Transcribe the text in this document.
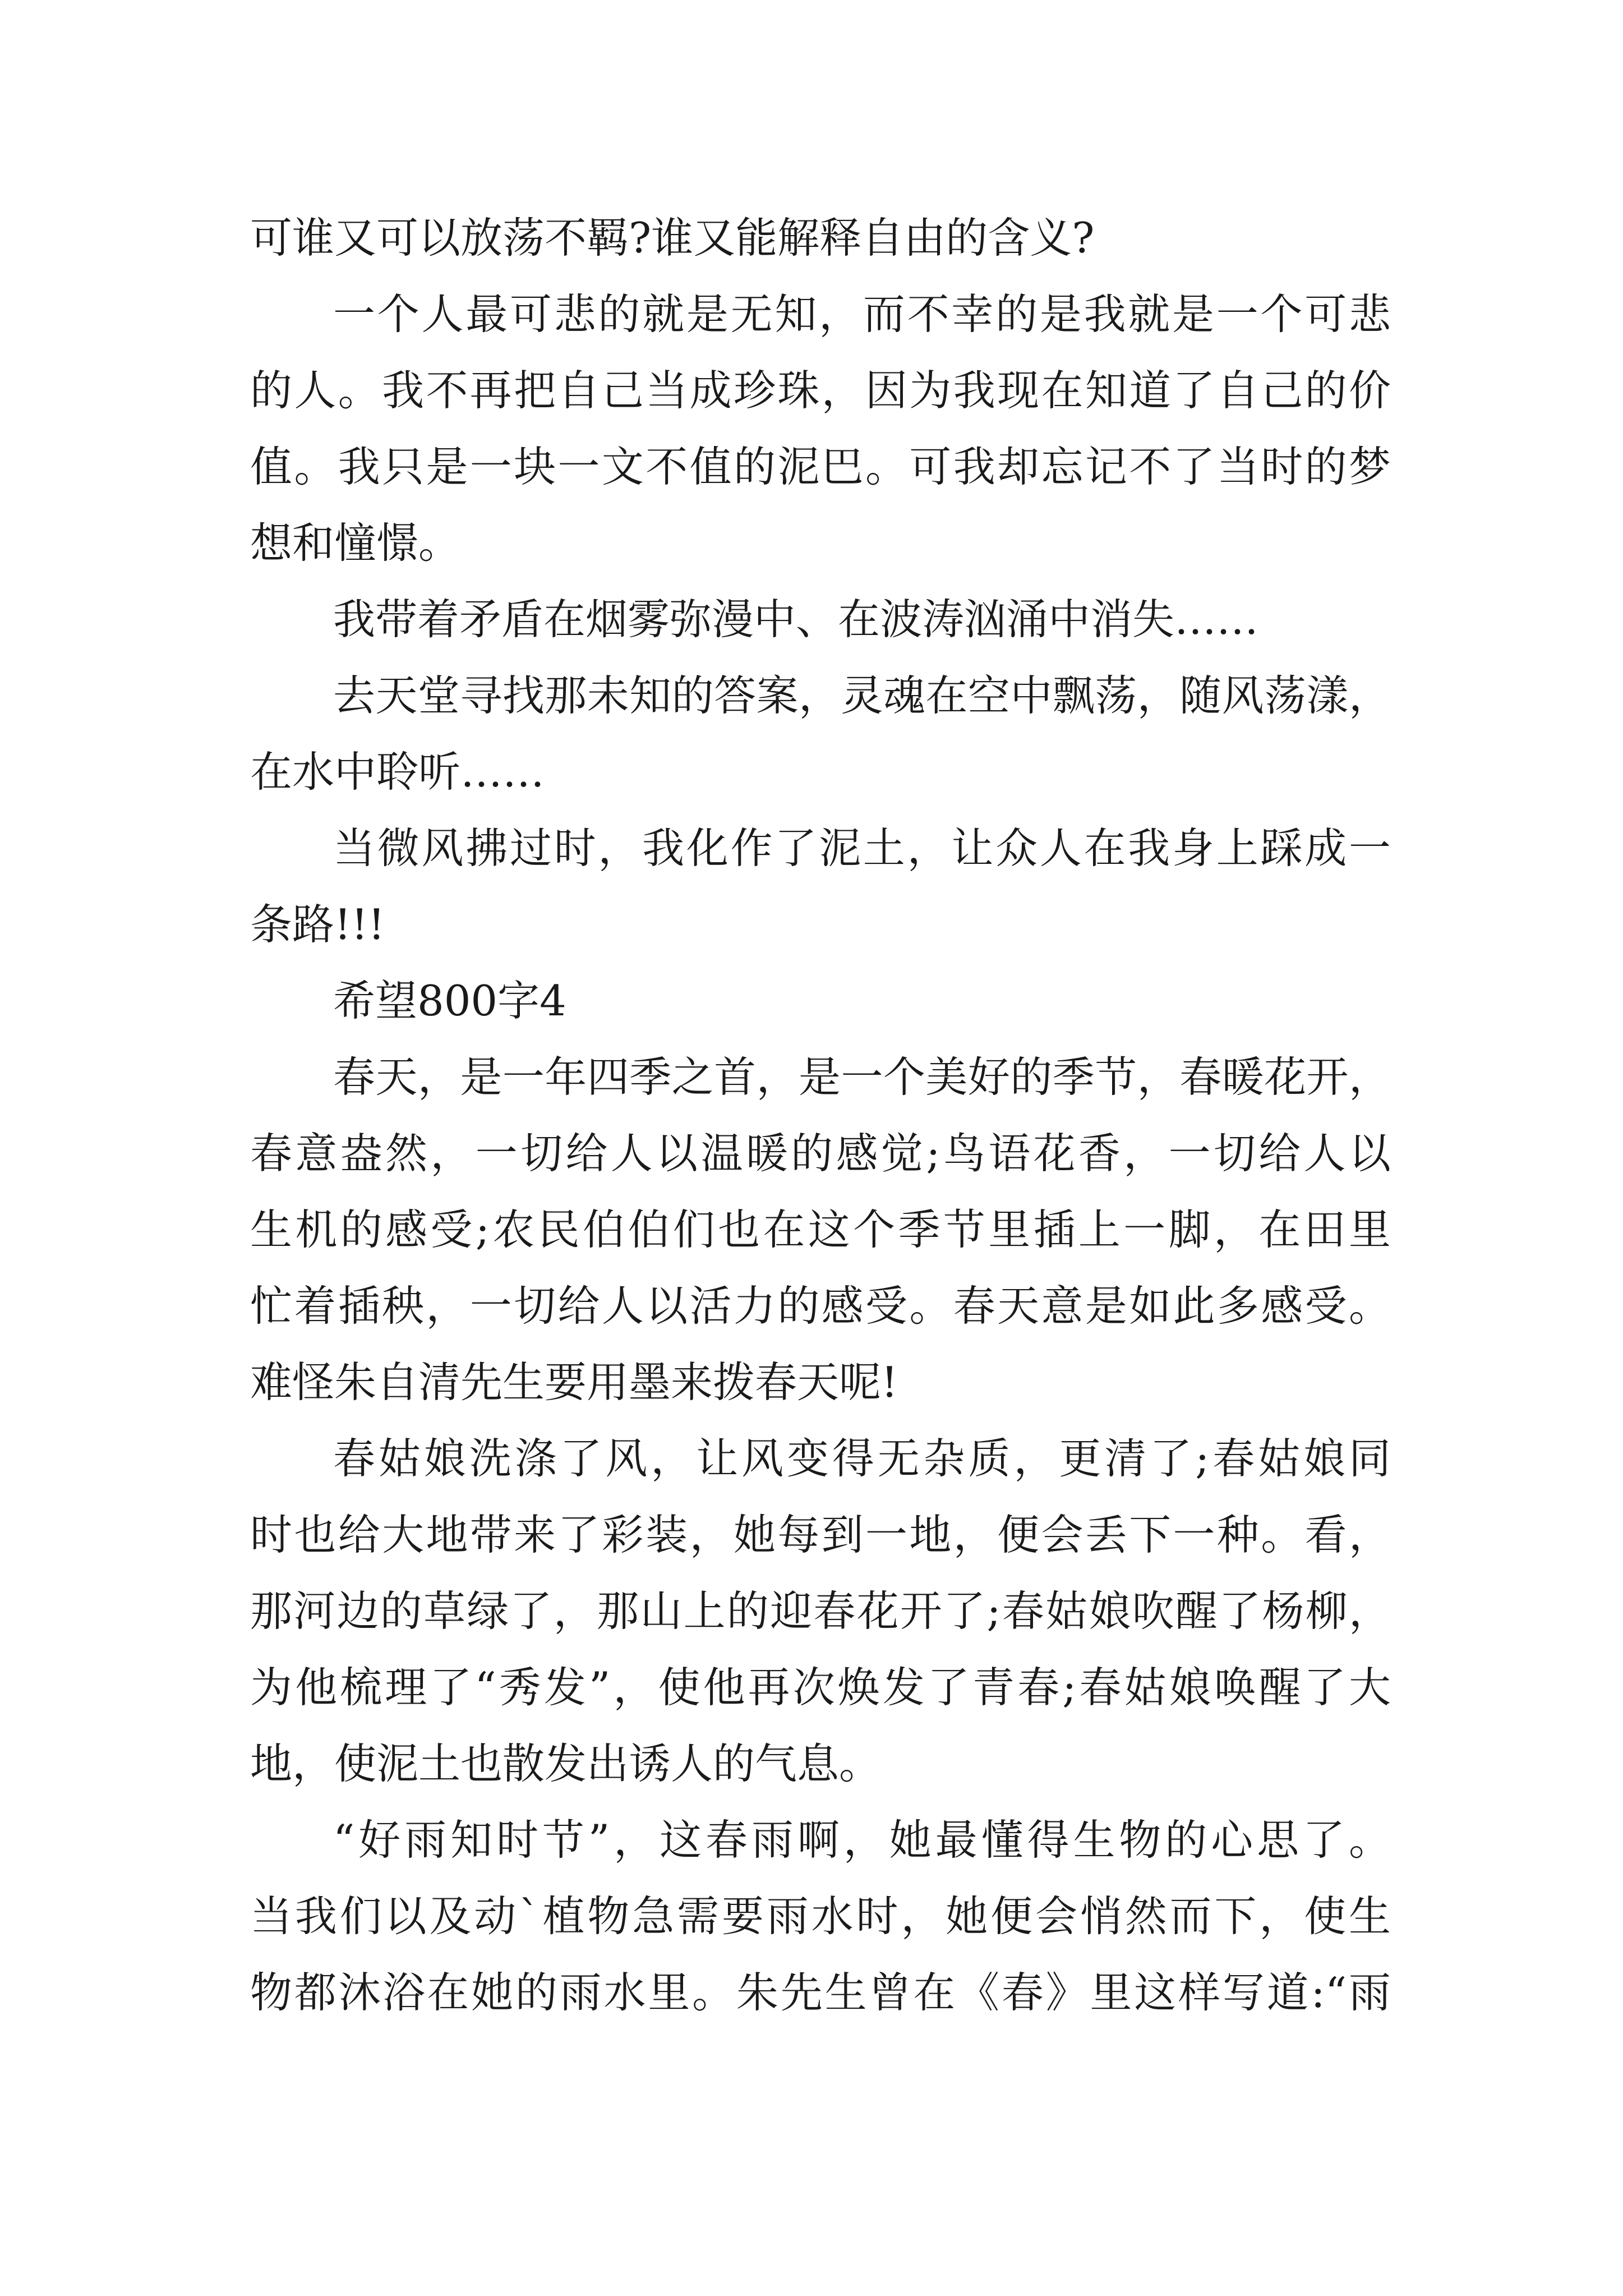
可谁又可以放荡不羁?谁又能解释自由的含义?
一个人最可悲的就是无知，而不幸的是我就是一个可悲
的人。我不再把自己当成珍珠，因为我现在知道了自己的价
值。我只是一块一文不值的泥巴。可我却忘记不了当时的梦
想和憧憬。
我带着矛盾在烟雾弥漫中、在波涛汹涌中消失……
去天堂寻找那未知的答案，灵魂在空中飘荡，随风荡漾，
在水中聆听……
当微风拂过时，我化作了泥土，让众人在我身上踩成一
条路!!!
希望800字4
春天，是一年四季之首，是一个美好的季节，春暖花开，
春意盎然，一切给人以温暖的感觉;鸟语花香，一切给人以
生机的感受;农民伯伯们也在这个季节里插上一脚，在田里
忙着插秧，一切给人以活力的感受。春天意是如此多感受。
难怪朱自清先生要用墨来拨春天呢!
春姑娘洗涤了风，让风变得无杂质，更清了;春姑娘同
时也给大地带来了彩装，她每到一地，便会丢下一种。看，
那河边的草绿了，那山上的迎春花开了;春姑娘吹醒了杨柳，
为他梳理了“秀发”，使他再次焕发了青春;春姑娘唤醒了大
地，使泥土也散发出诱人的气息。
“好雨知时节”，这春雨啊，她最懂得生物的心思了。
当我们以及动`植物急需要雨水时，她便会悄然而下，使生
物都沐浴在她的雨水里。朱先生曾在《春》里这样写道:“雨
